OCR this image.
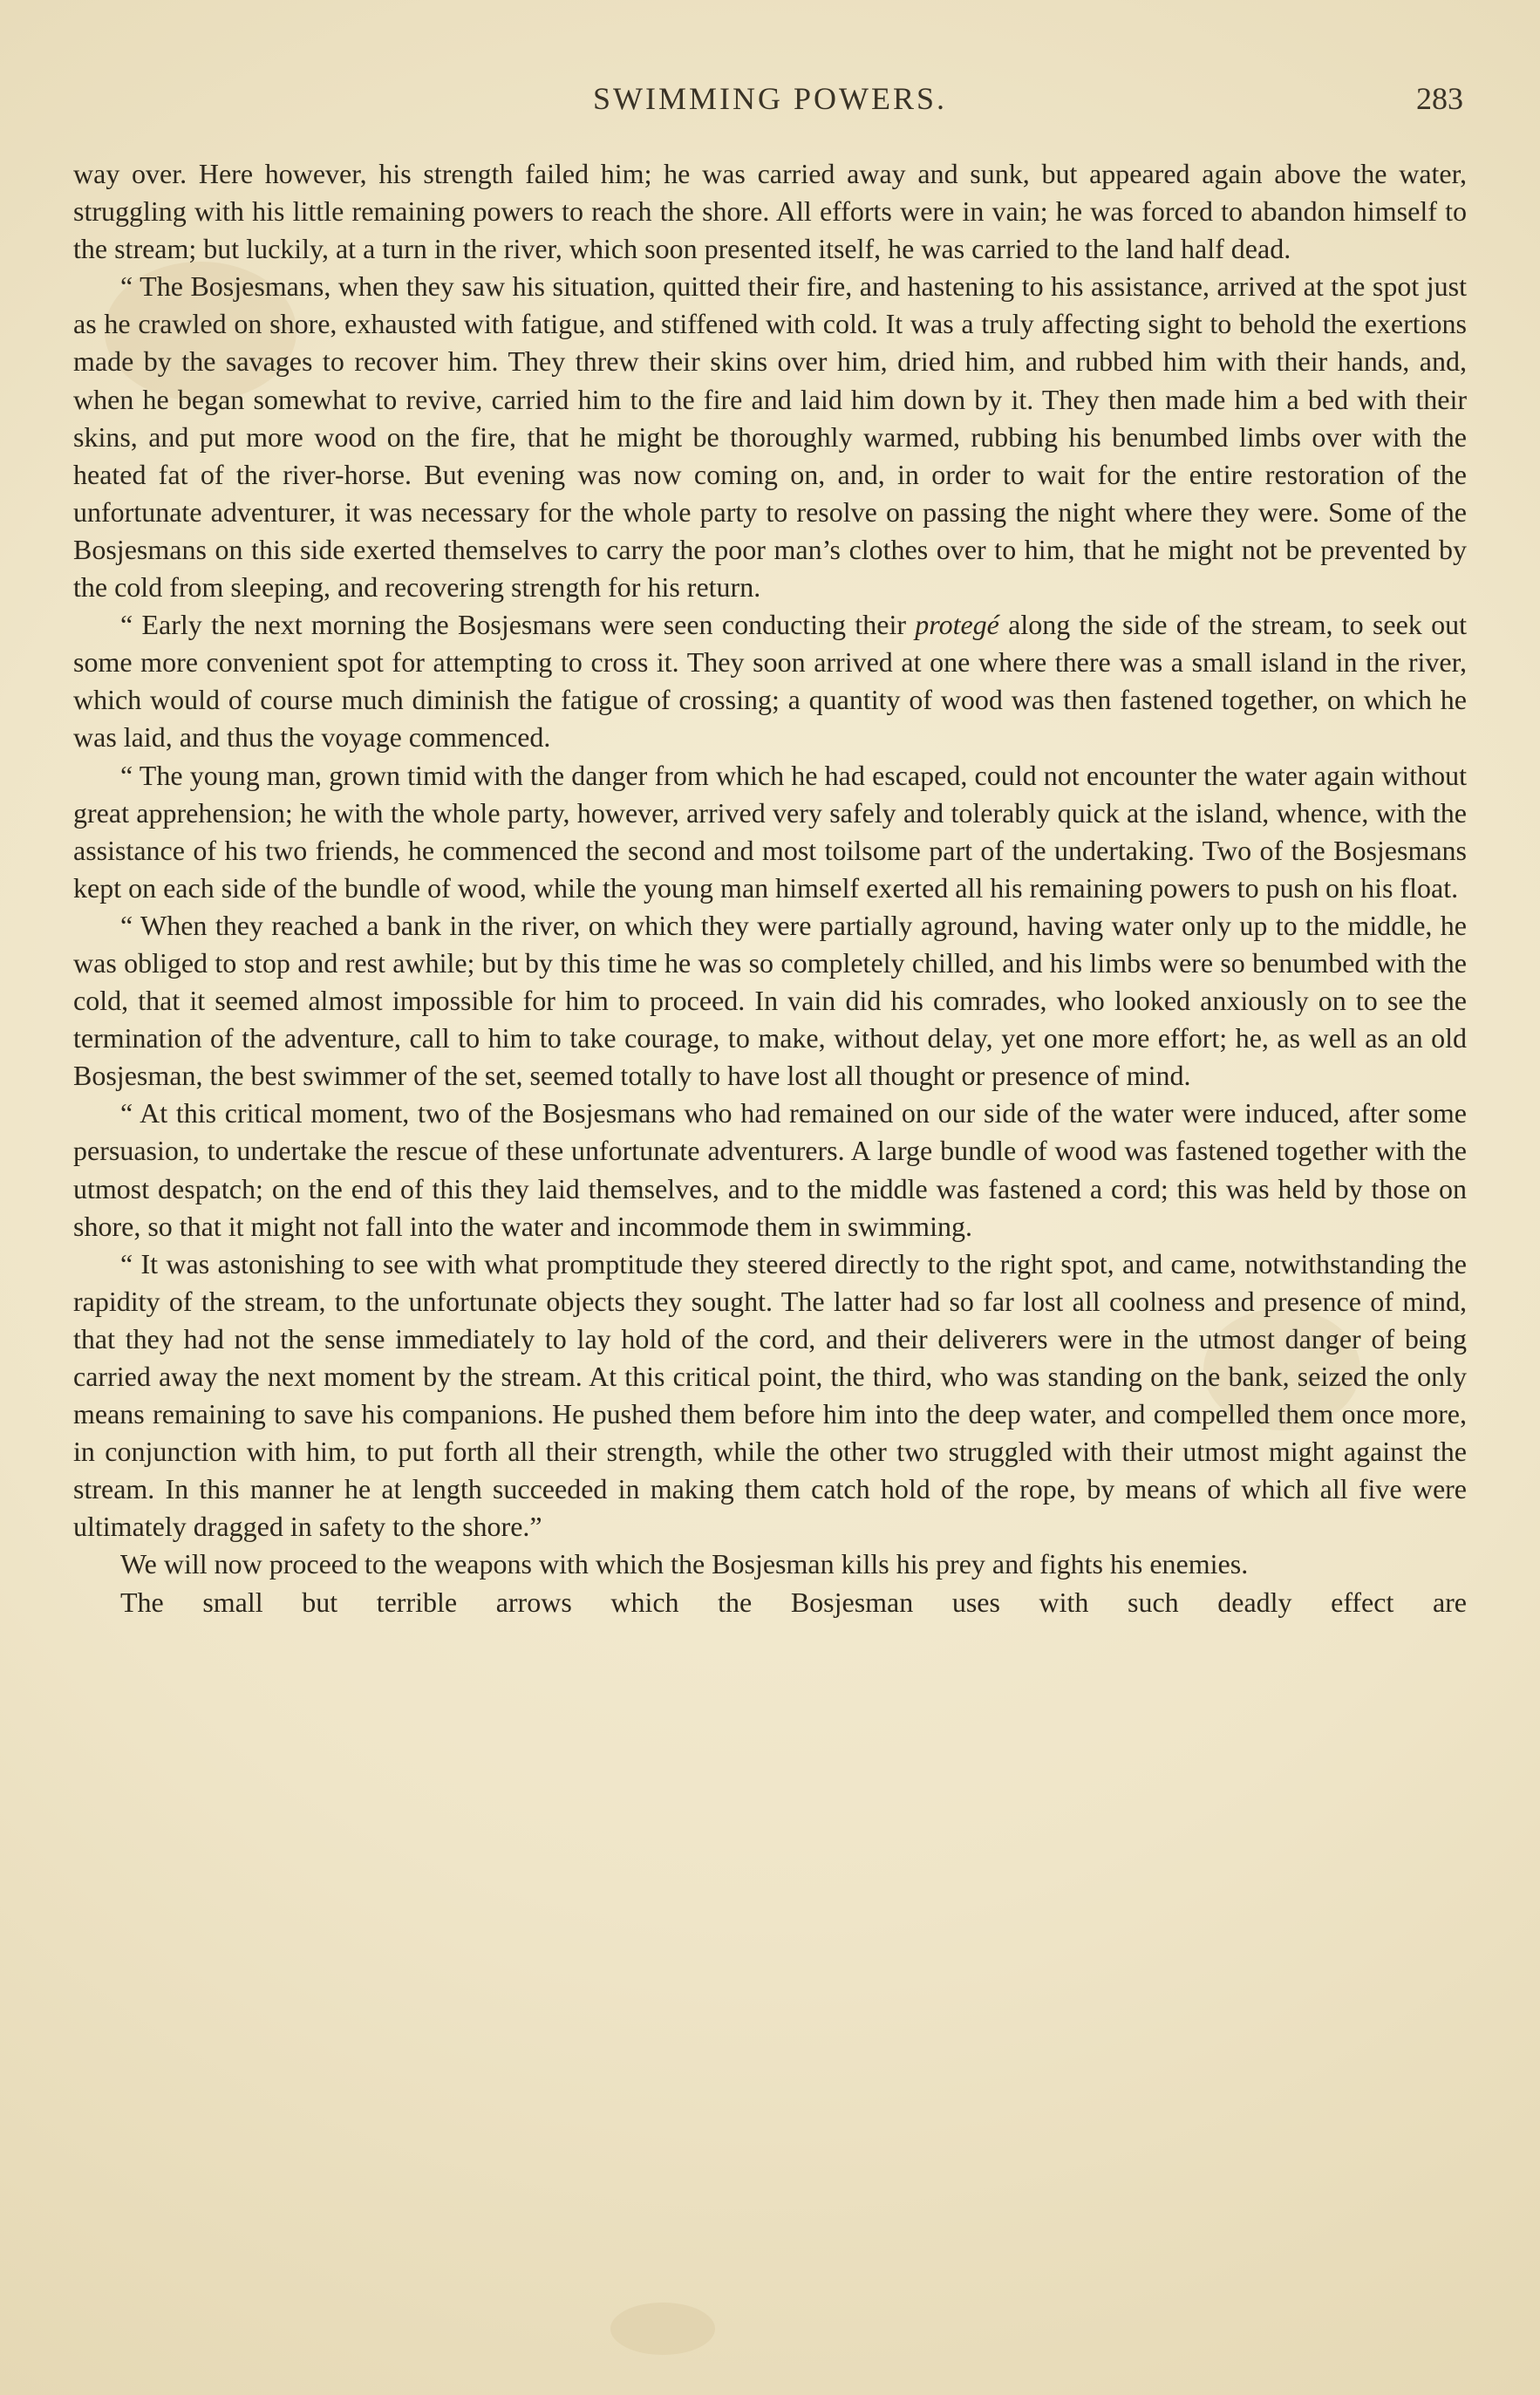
SWIMMING POWERS.	283

way over. Here however, his strength failed him; he was carried away and sunk, but appeared again above the water, struggling with his little remaining powers to reach the shore. All efforts were in vain; he was forced to abandon himself to the stream; but luckily, at a turn in the river, which soon presented itself, he was carried to the land half dead.

“ The Bosjesmans, when they saw his situation, quitted their fire, and hastening to his assistance, arrived at the spot just as he crawled on shore, exhausted with fatigue, and stiffened with cold. It was a truly affecting sight to behold the exertions made by the savages to recover him. They threw their skins over him, dried him, and rubbed him with their hands, and, when he began somewhat to revive, carried him to the fire and laid him down by it. They then made him a bed with their skins, and put more wood on the fire, that he might be thoroughly warmed, rubbing his benumbed limbs over with the heated fat of the river-horse. But evening was now coming on, and, in order to wait for the entire restoration of the unfortunate adventurer, it was necessary for the whole party to resolve on passing the night where they were. Some of the Bosjesmans on this side exerted themselves to carry the poor man’s clothes over to him, that he might not be prevented by the cold from sleeping, and recovering strength for his return.

“ Early the next morning the Bosjesmans were seen conducting their protegé along the side of the stream, to seek out some more convenient spot for attempting to cross it. They soon arrived at one where there was a small island in the river, which would of course much diminish the fatigue of crossing; a quantity of wood was then fastened together, on which he was laid, and thus the voyage commenced.

“ The young man, grown timid with the danger from which he had escaped, could not encounter the water again without great apprehension; he with the whole party, however, arrived very safely and tolerably quick at the island, whence, with the assistance of his two friends, he commenced the second and most toilsome part of the undertaking. Two of the Bosjesmans kept on each side of the bundle of wood, while the young man himself exerted all his remaining powers to push on his float.

“ When they reached a bank in the river, on which they were partially aground, having water only up to the middle, he was obliged to stop and rest awhile; but by this time he was so completely chilled, and his limbs were so benumbed with the cold, that it seemed almost impossible for him to proceed. In vain did his comrades, who looked anxiously on to see the termination of the adventure, call to him to take courage, to make, without delay, yet one more effort; he, as well as an old Bosjesman, the best swimmer of the set, seemed totally to have lost all thought or presence of mind.

“ At this critical moment, two of the Bosjesmans who had remained on our side of the water were induced, after some persuasion, to undertake the rescue of these unfortunate adventurers. A large bundle of wood was fastened together with the utmost despatch; on the end of this they laid themselves, and to the middle was fastened a cord; this was held by those on shore, so that it might not fall into the water and incommode them in swimming.

“ It was astonishing to see with what promptitude they steered directly to the right spot, and came, notwithstanding the rapidity of the stream, to the unfortunate objects they sought. The latter had so far lost all coolness and presence of mind, that they had not the sense immediately to lay hold of the cord, and their deliverers were in the utmost danger of being carried away the next moment by the stream. At this critical point, the third, who was standing on the bank, seized the only means remaining to save his companions. He pushed them before him into the deep water, and compelled them once more, in conjunction with him, to put forth all their strength, while the other two struggled with their utmost might against the stream. In this manner he at length succeeded in making them catch hold of the rope, by means of which all five were ultimately dragged in safety to the shore.”

We will now proceed to the weapons with which the Bosjesman kills his prey and fights his enemies.

The small but terrible arrows which the Bosjesman uses with such deadly effect are
